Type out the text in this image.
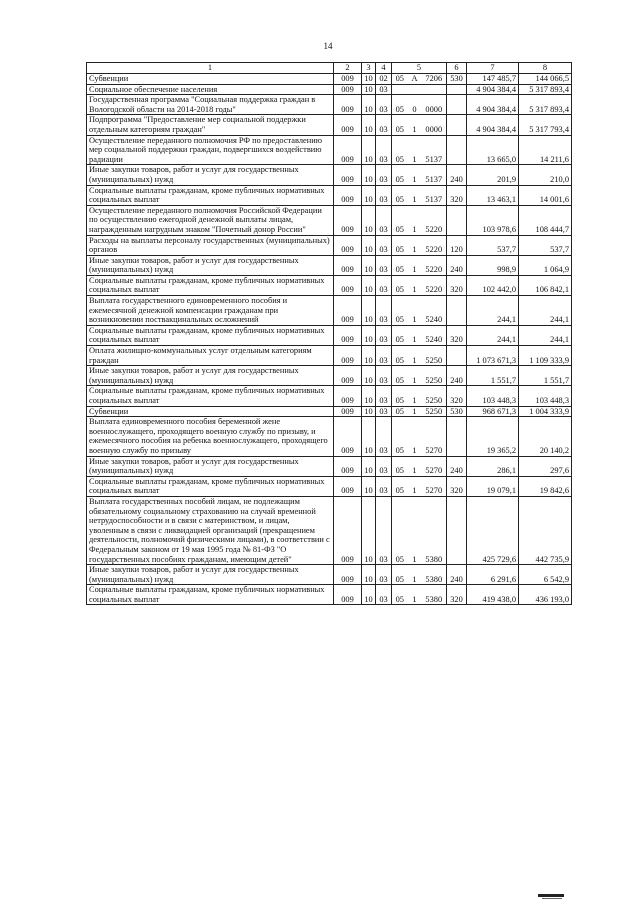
14
1	2	3	4	5			6	7	8
Субвенции	009	10	02	05	А	7206	530	147 485,7	144 066,5
Социальное обеспечение населения	009	10	03					4 904 384,4	5 317 893,4
Государственная программа "Социальная поддержка граждан в Вологодской области на 2014-2018 годы"	009	10	03	05	0	0000		4 904 384,4	5 317 893,4
Подпрограмма "Предоставление мер социальной поддержки отдельным категориям граждан"	009	10	03	05	1	0000		4 904 384,4	5 317 793,4
Осуществление переданного полномочия РФ по предоставлению мер социальной поддержки граждан, подвергшихся воздействию радиации	009	10	03	05	1	5137		13 665,0	14 211,6
Иные закупки товаров, работ и услуг для государственных (муниципальных) нужд	009	10	03	05	1	5137	240	201,9	210,0
Социальные выплаты гражданам, кроме публичных нормативных социальных выплат	009	10	03	05	1	5137	320	13 463,1	14 001,6
Осуществление переданного полномочия Российской Федерации по осуществлению ежегодной денежной выплаты лицам, награжденным нагрудным знаком "Почетный донор России"	009	10	03	05	1	5220		103 978,6	108 444,7
Расходы на выплаты персоналу государственных (муниципальных) органов	009	10	03	05	1	5220	120	537,7	537,7
Иные закупки товаров, работ и услуг для государственных (муниципальных) нужд	009	10	03	05	1	5220	240	998,9	1 064,9
Социальные выплаты гражданам, кроме публичных нормативных социальных выплат	009	10	03	05	1	5220	320	102 442,0	106 842,1
Выплата государственного единовременного пособия и ежемесячной денежной компенсации гражданам при возникновении поствакцинальных осложнений	009	10	03	05	1	5240		244,1	244,1
Социальные выплаты гражданам, кроме публичных нормативных социальных выплат	009	10	03	05	1	5240	320	244,1	244,1
Оплата жилищно-коммунальных услуг отдельным категориям граждан	009	10	03	05	1	5250		1 073 671,3	1 109 333,9
Иные закупки товаров, работ и услуг для государственных (муниципальных) нужд	009	10	03	05	1	5250	240	1 551,7	1 551,7
Социальные выплаты гражданам, кроме публичных нормативных социальных выплат	009	10	03	05	1	5250	320	103 448,3	103 448,3
Субвенции	009	10	03	05	1	5250	530	968 671,3	1 004 333,9
Выплата единовременного пособия беременной жене военнослужащего, проходящего военную службу по призыву, и ежемесячного пособия на ребенка военнослужащего, проходящего военную службу по призыву	009	10	03	05	1	5270		19 365,2	20 140,2
Иные закупки товаров, работ и услуг для государственных (муниципальных) нужд	009	10	03	05	1	5270	240	286,1	297,6
Социальные выплаты гражданам, кроме публичных нормативных социальных выплат	009	10	03	05	1	5270	320	19 079,1	19 842,6
Выплата государственных пособий лицам, не подлежащим обязательному социальному страхованию на случай временной нетрудоспособности и в связи с материнством, и лицам, уволенным в связи с ликвидацией организаций (прекращением деятельности, полномочий физическими лицами), в соответствии с Федеральным законом от 19 мая 1995 года № 81-ФЗ "О государственных пособиях гражданам, имеющим детей"	009	10	03	05	1	5380		425 729,6	442 735,9
Иные закупки товаров, работ и услуг для государственных (муниципальных) нужд	009	10	03	05	1	5380	240	6 291,6	6 542,9
Социальные выплаты гражданам, кроме публичных нормативных социальных выплат	009	10	03	05	1	5380	320	419 438,0	436 193,0
